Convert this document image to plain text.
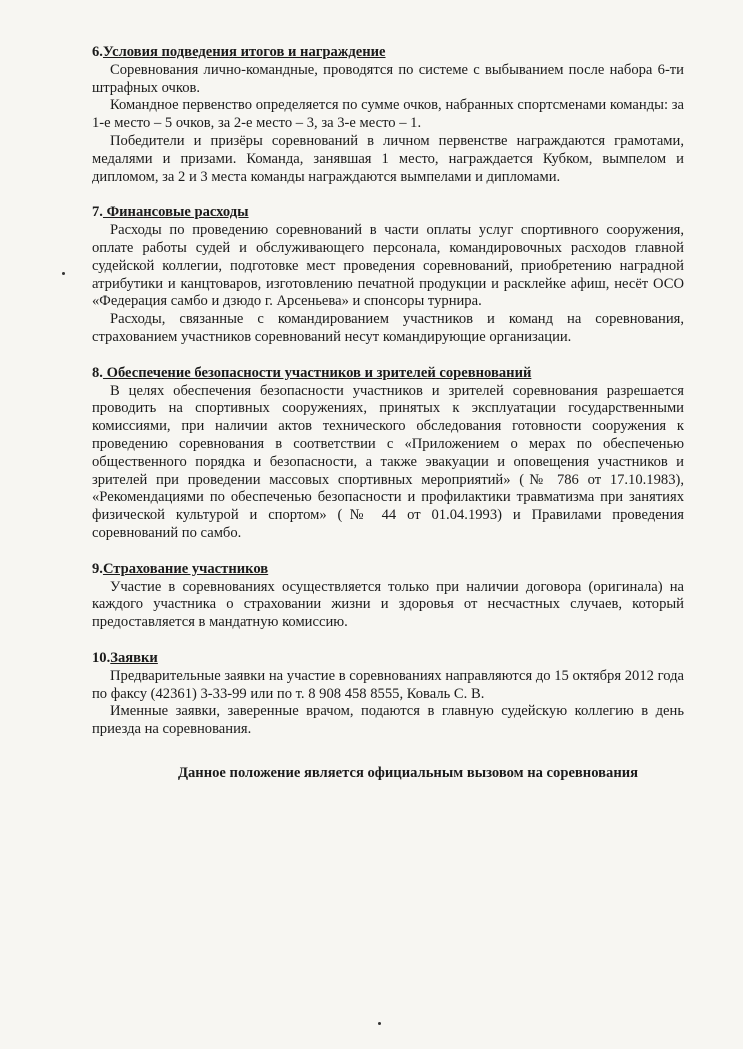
6.Условия подведения итогов и награждение

Соревнования лично-командные, проводятся по системе с выбыванием после набора 6-ти штрафных очков.

Командное первенство определяется по сумме очков, набранных спортсменами команды: за 1-е место – 5 очков, за 2-е место – 3, за 3-е место – 1.

Победители и призёры соревнований в личном первенстве награждаются грамотами, медалями и призами. Команда, занявшая 1 место, награждается Кубком, вымпелом и дипломом, за 2 и 3 места команды награждаются вымпелами и дипломами.

7. Финансовые расходы

Расходы по проведению соревнований в части оплаты услуг спортивного сооружения, оплате работы судей и обслуживающего персонала, командировочных расходов главной судейской коллегии, подготовке мест проведения соревнований, приобретению наградной атрибутики и канцтоваров, изготовлению печатной продукции и расклейке афиш, несёт ОСО «Федерация самбо и дзюдо г. Арсеньева» и спонсоры турнира.

Расходы, связанные с командированием участников и команд на соревнования, страхованием участников соревнований несут командирующие организации.

8. Обеспечение безопасности участников и зрителей соревнований

В целях обеспечения безопасности участников и зрителей соревнования разрешается проводить на спортивных сооружениях, принятых к эксплуатации государственными комиссиями, при наличии актов технического обследования готовности сооружения к проведению соревнования в соответствии с «Приложением о мерах по обеспеченью общественного порядка и безопасности, а также эвакуации и оповещения участников и зрителей при проведении массовых спортивных мероприятий» (№ 786 от 17.10.1983), «Рекомендациями по обеспеченью безопасности и профилактики травматизма при занятиях физической культурой и спортом» (№ 44 от 01.04.1993) и Правилами проведения соревнований по самбо.

9.Страхование участников

Участие в соревнованиях осуществляется только при наличии договора (оригинала) на каждого участника о страховании жизни и здоровья от несчастных случаев, который предоставляется в мандатную комиссию.

10.Заявки

Предварительные заявки на участие в соревнованиях направляются до 15 октября 2012 года по факсу (42361) 3-33-99 или по т. 8 908 458 8555, Коваль С. В.

Именные заявки, заверенные врачом, подаются в главную судейскую коллегию в день приезда на соревнования.

Данное положение является официальным вызовом на соревнования
